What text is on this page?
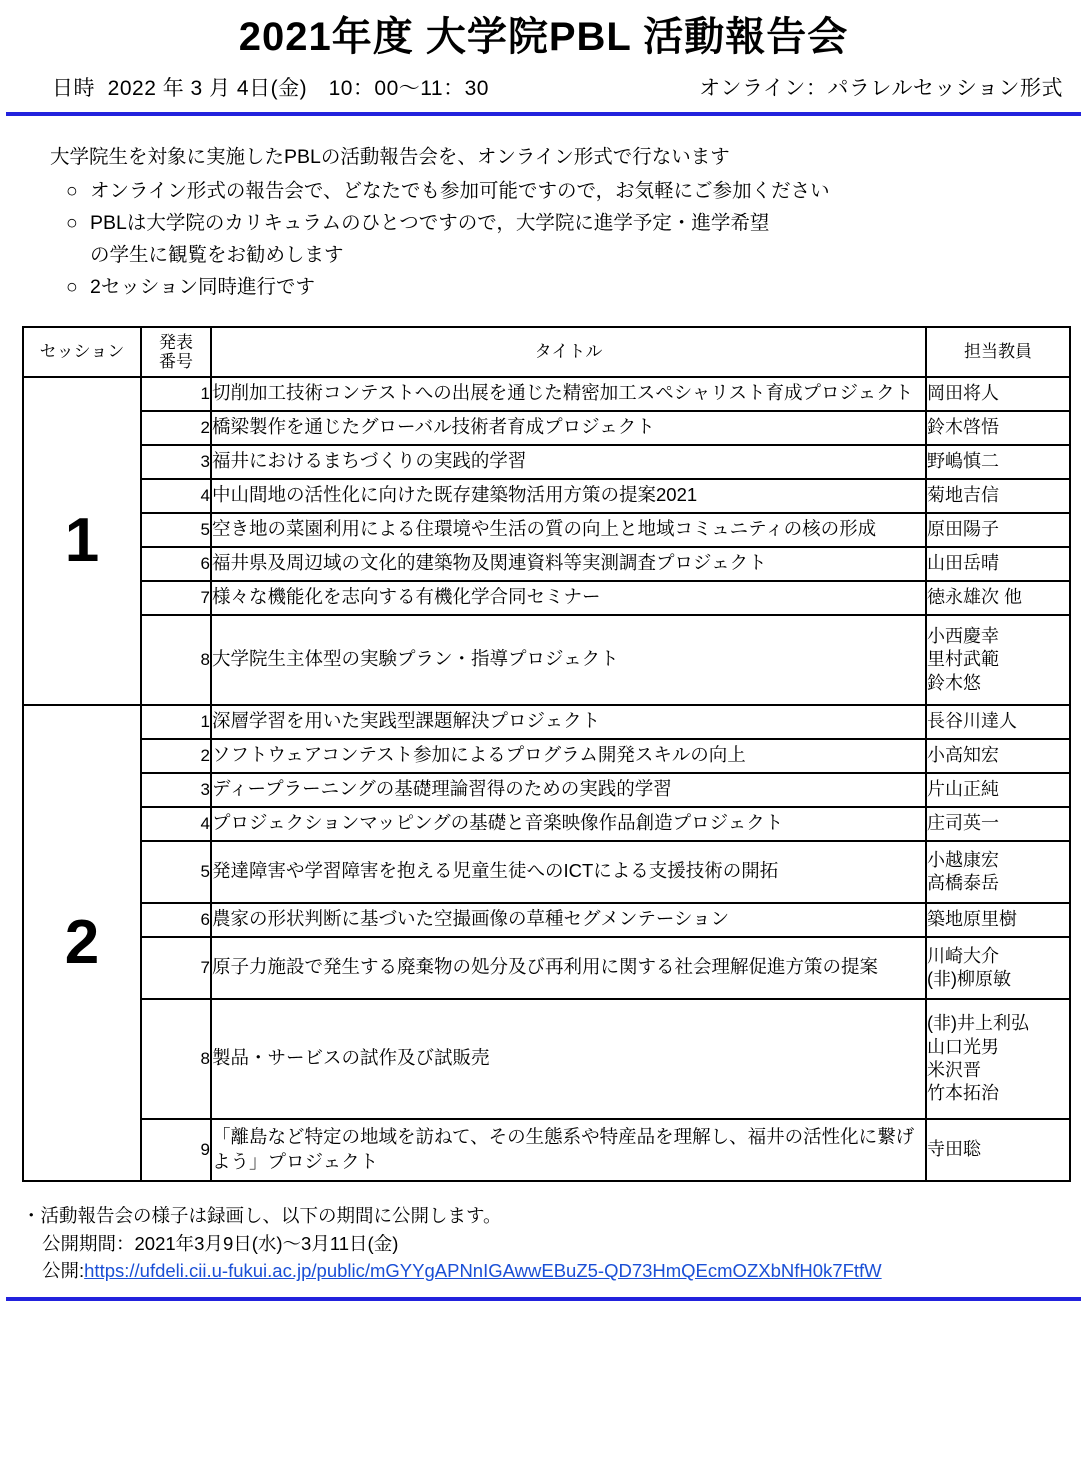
2021年度 大学院PBL 活動報告会
日時  2022 年 3 月 4日(金)　10：00～11：30	オンライン：パラレルセッション形式
大学院生を対象に実施したPBLの活動報告会を、オンライン形式で行ないます
○ オンライン形式の報告会で、どなたでも参加可能ですので，お気軽にご参加ください
○ PBLは大学院のカリキュラムのひとつですので，大学院に進学予定・進学希望
の学生に観覧をお勧めします
○ 2セッション同時進行です
セッション	発表
番号	タイトル	担当教員
1	1	切削加工技術コンテストへの出展を通じた精密加工スペシャリスト育成プロジェクト	岡田将人

	2	橋梁製作を通じたグローバル技術者育成プロジェクト	鈴木啓悟

	3	福井におけるまちづくりの実践的学習	野嶋慎二

	4	中山間地の活性化に向けた既存建築物活用方策の提案2021	菊地吉信

	5	空き地の菜園利用による住環境や生活の質の向上と地域コミュニティの核の形成	原田陽子

	6	福井県及周辺域の文化的建築物及関連資料等実測調査プロジェクト	山田岳晴

	7	様々な機能化を志向する有機化学合同セミナー	徳永雄次 他

	8	大学院生主体型の実験プラン・指導プロジェクト	小西慶幸
里村武範
鈴木悠

2	1	深層学習を用いた実践型課題解決プロジェクト	長谷川達人

	2	ソフトウェアコンテスト参加によるプログラム開発スキルの向上	小高知宏

	3	ディープラーニングの基礎理論習得のための実践的学習	片山正純

	4	プロジェクションマッピングの基礎と音楽映像作品創造プロジェクト	庄司英一

	5	発達障害や学習障害を抱える児童生徒へのICTによる支援技術の開拓	小越康宏
高橋泰岳

	6	農家の形状判断に基づいた空撮画像の草種セグメンテーション	築地原里樹

	7	原子力施設で発生する廃棄物の処分及び再利用に関する社会理解促進方策の提案	川崎大介
(非)柳原敏

	8	製品・サービスの試作及び試販売	(非)井上利弘
山口光男
米沢晋
竹本拓治

	9	「離島など特定の地域を訪ねて、その生態系や特産品を理解し、福井の活性化に繋げよう」プロジェクト	寺田聡
・活動報告会の様子は録画し、以下の期間に公開します。
公開期間：2021年3月9日(水)～3月11日(金)
公開:https://ufdeli.cii.u-fukui.ac.jp/public/mGYYgAPNnIGAwwEBuZ5-QD73HmQEcmOZXbNfH0k7FtfW
